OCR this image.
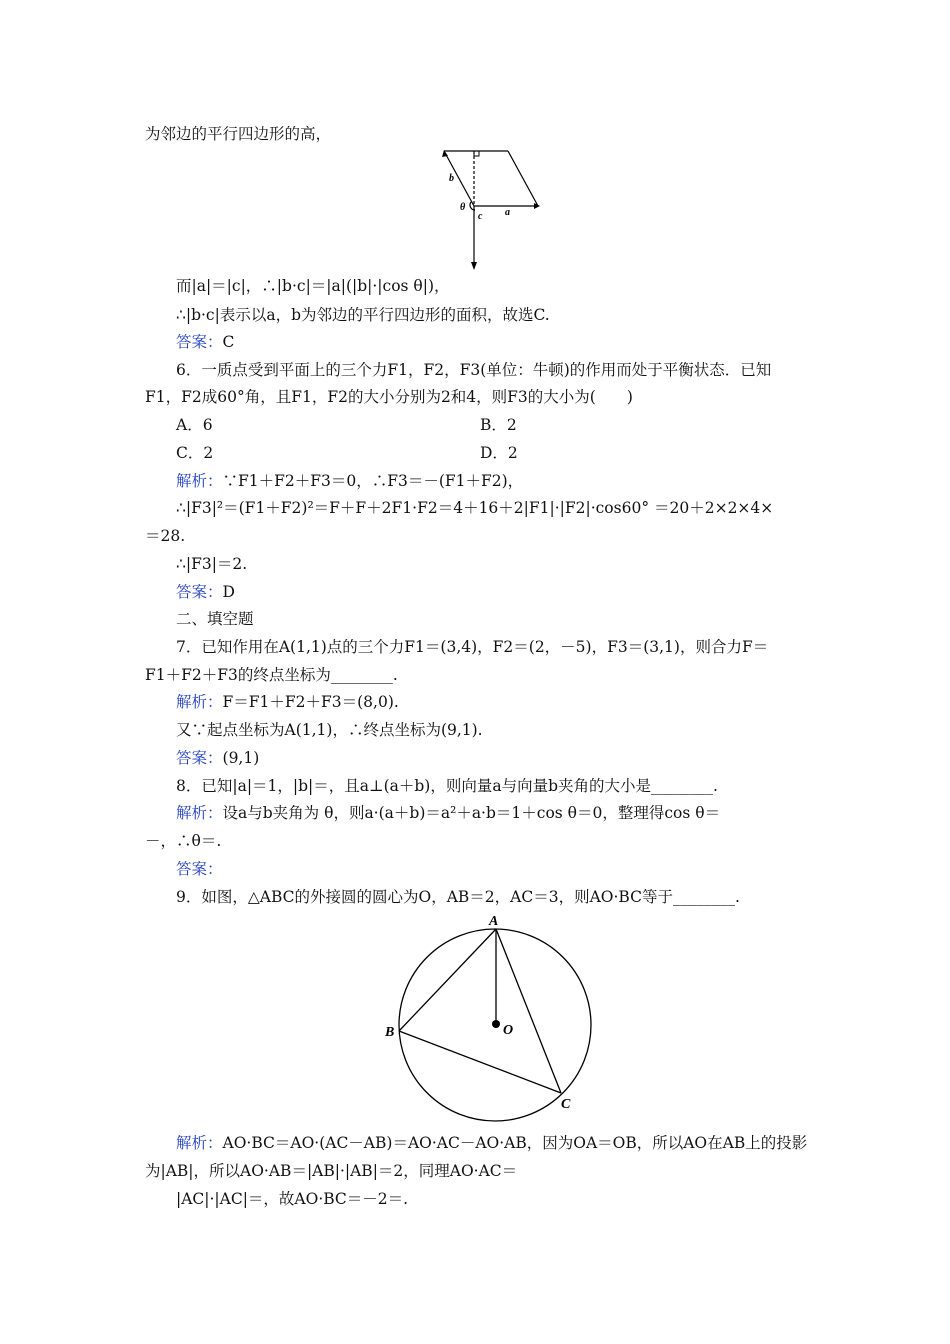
为邻边的平行四边形的高，
b
θ
c a
而|a|＝|c|，∴|b·c|＝|a|(|b|·|cos θ|)，
∴|b·c|表示以a，b为邻边的平行四边形的面积，故选C.
答案：C
6．一质点受到平面上的三个力F1，F2，F3(单位：牛顿)的作用而处于平衡状态．已知
F1，F2成60°角，且F1，F2的大小分别为2和4，则F3的大小为(　　)
A．6	B．2
C．2	D．2
解析：∵F1＋F2＋F3＝0，∴F3＝－(F1＋F2)，
∴|F3|²＝(F1＋F2)²＝F＋F＋2F1·F2＝4＋16＋2|F1|·|F2|·cos60° ＝20＋2×2×4×
＝28.
∴|F3|＝2.
答案：D
二、填空题
7．已知作用在A(1,1)点的三个力F1＝(3,4)，F2＝(2，－5)，F3＝(3,1)，则合力F＝
F1＋F2＋F3的终点坐标为________.
解析：F＝F1＋F2＋F3＝(8,0).
又∵起点坐标为A(1,1)，∴终点坐标为(9,1).
答案：(9,1)
8．已知|a|＝1，|b|＝，且a⊥(a＋b)，则向量a与向量b夹角的大小是________.
解析：设a与b夹角为 θ，则a·(a＋b)＝a²＋a·b＝1＋cos θ＝0，整理得cos θ＝
－，∴θ＝.
答案：
9．如图，△ABC的外接圆的圆心为O，AB＝2，AC＝3，则AO·BC等于________.
A
B
C
O
解析：AO·BC＝AO·(AC－AB)＝AO·AC－AO·AB，因为OA＝OB，所以AO在AB上的投影
为|AB|，所以AO·AB＝|AB|·|AB|＝2，同理AO·AC＝
|AC|·|AC|＝，故AO·BC＝－2＝.
